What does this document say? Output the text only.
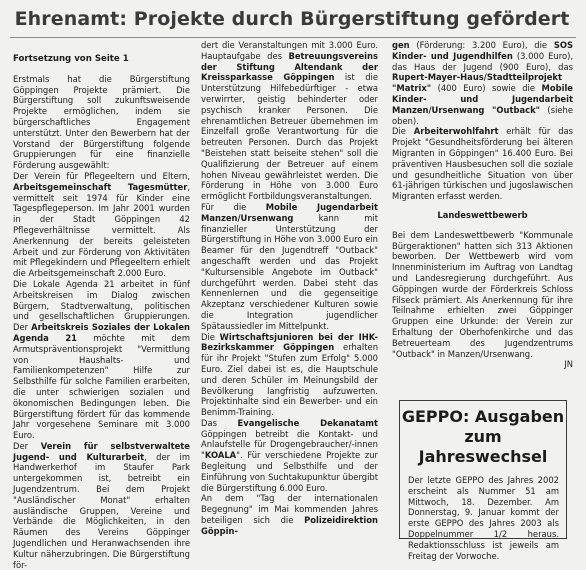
Ehrenamt: Projekte durch Bürgerstiftung gefördert

Fortsetzung von Seite 1

Erstmals hat die Bürgerstiftung Göppingen Projekte prämiert. Die Bürgerstiftung soll zukunftsweisende Projekte ermöglichen, indem sie bürgerschaftliches Engagement unterstützt. Unter den Bewerbern hat der Vorstand der Bürgerstiftung folgende Gruppierungen für eine finanzielle Förderung ausgewählt:

Der Verein für Pflegeeltern und Eltern, Arbeitsgemeinschaft Tagesmütter, vermittelt seit 1974 für Kinder eine Tagespflegeperson. Im Jahr 2001 wurden in der Stadt Göppingen 42 Pflegeverhältnisse vermittelt. Als Anerkennung der bereits geleisteten Arbeit und zur Förderung von Aktivitäten mit Pflegekindern und Pflegeeltern erhielt die Arbeitsgemeinschaft 2.000 Euro.

Die Lokale Agenda 21 arbeitet in fünf Arbeitskreisen im Dialog zwischen Bürgern, Stadtverwaltung, politischen und gesellschaftlichen Gruppierungen. Der Arbeitskreis Soziales der Lokalen Agenda 21 möchte mit dem Armutspräventionsprojekt "Vermittlung von Haushalts- und Familienkompetenzen" Hilfe zur Selbsthilfe für solche Familien erarbeiten, die unter schwierigen sozialen und ökonomischen Bedingungen leben. Die Bürgerstiftung fördert für das kommende Jahr vorgesehene Seminare mit 3.000 Euro.

Der Verein für selbstverwaltete Jugend- und Kulturarbeit, der im Handwerkerhof im Staufer Park untergekommen ist, betreibt ein Jugendzentrum. Bei dem Projekt "Ausländischer Monat" erhalten ausländische Gruppen, Vereine und Verbände die Möglichkeiten, in den Räumen des Vereins Göppinger Jugendlichen und Heranwachsenden ihre Kultur näherzubringen. Die Bürgerstiftung för-

dert die Veranstaltungen mit 3.000 Euro. Hauptaufgabe des Betreuungsvereins der Stiftung Altendank der Kreissparkasse Göppingen ist die Unterstützung Hilfebedürftiger - etwa verwirrter, geistig behinderter oder psychisch kranker Personen. Die ehrenamtlichen Betreuer übernehmen im Einzelfall große Verantwortung für die betreuten Personen. Durch das Projekt "Beistehen statt beiseite stehen" soll die Qualifizierung der Betreuer auf einem hohen Niveau gewährleistet werden. Die Förderung in Höhe von 3.000 Euro ermöglicht Fortbildungsveranstaltungen.

Für die Mobile Jugendarbeit Manzen/Ursenwang kann mit finanzieller Unterstützung der Bürgerstiftung in Höhe von 3.000 Euro ein Beamer für den Jugendtreff "Outback" angeschafft werden und das Projekt "Kultursensible Angebote im Outback" durchgeführt werden. Dabei steht das Kennenlernen und die gegenseitige Akzeptanz verschiedener Kulturen sowie die Integration jugendlicher Spätaussiedler im Mittelpunkt.

Die Wirtschaftsjunioren bei der IHK-Bezirkskammer Göppingen erhalten für ihr Projekt "Stufen zum Erfolg" 5.000 Euro. Ziel dabei ist es, die Hauptschule und deren Schüler im Meinungsbild der Bevölkerung langfristig aufzuwerten. Projektinhalte sind ein Bewerber- und ein Benimm-Training.

Das Evangelische Dekanatamt Göppingen betreibt die Kontakt- und Anlaufstelle für Drogengebraucher/-innen "KOALA". Für verschiedene Projekte zur Begleitung und Selbsthilfe und der Einführung von Suchtakupunktur übergibt die Bürgerstiftung 6.000 Euro.

An dem "Tag der internationalen Begegnung" im Mai kommenden Jahres beteiligen sich die Polizeidirektion Göppin-

gen (Förderung: 3.200 Euro), die SOS Kinder- und Jugendhilfen (3.000 Euro), das Haus der Jugend (900 Euro), das Rupert-Mayer-Haus/Stadtteilprojekt "Matrix" (400 Euro) sowie die Mobile Kinder- und Jugendarbeit Manzen/Ursenwang "Outback" (siehe oben).

Die Arbeiterwohlfahrt erhält für das Projekt "Gesundheitsförderung bei älteren Migranten in Göppingen" 16.400 Euro. Bei präventiven Hausbesuchen soll die soziale und gesundheitliche Situation von über 61-jährigen türkischen und jugoslawischen Migranten erfasst werden.

Landeswettbewerb

Bei dem Landeswettbewerb "Kommunale Bürgeraktionen" hatten sich 313 Aktionen beworben. Der Wettbewerb wird vom Innenministerium im Auftrag von Landtag und Landesregierung durchgeführt. Aus Göppingen wurde der Förderkreis Schloss Filseck prämiert. Als Anerkennung für ihre Teilnahme erhielten zwei Göppinger Gruppen eine Urkunde: der Verein zur Erhaltung der Oberhofenkirche und das Betreuerteam des Jugendzentrums "Outback" in Manzen/Ursenwang.

JN

GEPPO: Ausgaben
zum Jahreswechsel
Der letzte GEPPO des Jahres 2002 erscheint als Nummer 51 am Mittwoch, 18. Dezember. Am Donnerstag, 9. Januar kommt der erste GEPPO des Jahres 2003 als Doppelnummer 1/2 heraus. Redaktionsschluss ist jeweils am Freitag der Vorwoche.
